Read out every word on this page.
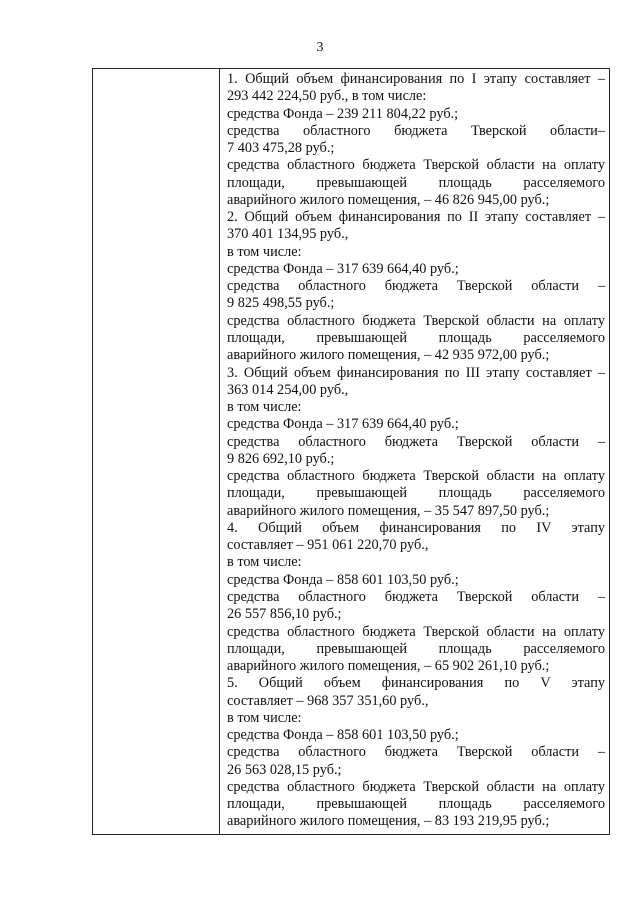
3
1. Общий объем финансирования по I этапу составляет –
293 442 224,50 руб., в том числе:
средства Фонда – 239 211 804,22 руб.;
средства областного бюджета Тверской области–
7 403 475,28 руб.;
средства областного бюджета Тверской области на оплату
площади, превышающей площадь расселяемого
аварийного жилого помещения, – 46 826 945,00 руб.;
2. Общий объем финансирования по II этапу составляет –
370 401 134,95 руб.,
в том числе:
средства Фонда – 317 639 664,40 руб.;
средства областного бюджета Тверской области –
9 825 498,55 руб.;
средства областного бюджета Тверской области на оплату
площади, превышающей площадь расселяемого
аварийного жилого помещения, – 42 935 972,00 руб.;
3. Общий объем финансирования по III этапу составляет –
363 014 254,00 руб.,
в том числе:
средства Фонда – 317 639 664,40 руб.;
средства областного бюджета Тверской области –
9 826 692,10 руб.;
средства областного бюджета Тверской области на оплату
площади, превышающей площадь расселяемого
аварийного жилого помещения, – 35 547 897,50 руб.;
4. Общий объем финансирования по IV этапу
составляет – 951 061 220,70 руб.,
в том числе:
средства Фонда – 858 601 103,50 руб.;
средства областного бюджета Тверской области –
26 557 856,10 руб.;
средства областного бюджета Тверской области на оплату
площади, превышающей площадь расселяемого
аварийного жилого помещения, – 65 902 261,10 руб.;
5. Общий объем финансирования по V этапу
составляет – 968 357 351,60 руб.,
в том числе:
средства Фонда – 858 601 103,50 руб.;
средства областного бюджета Тверской области –
26 563 028,15 руб.;
средства областного бюджета Тверской области на оплату
площади, превышающей площадь расселяемого
аварийного жилого помещения, – 83 193 219,95 руб.;
